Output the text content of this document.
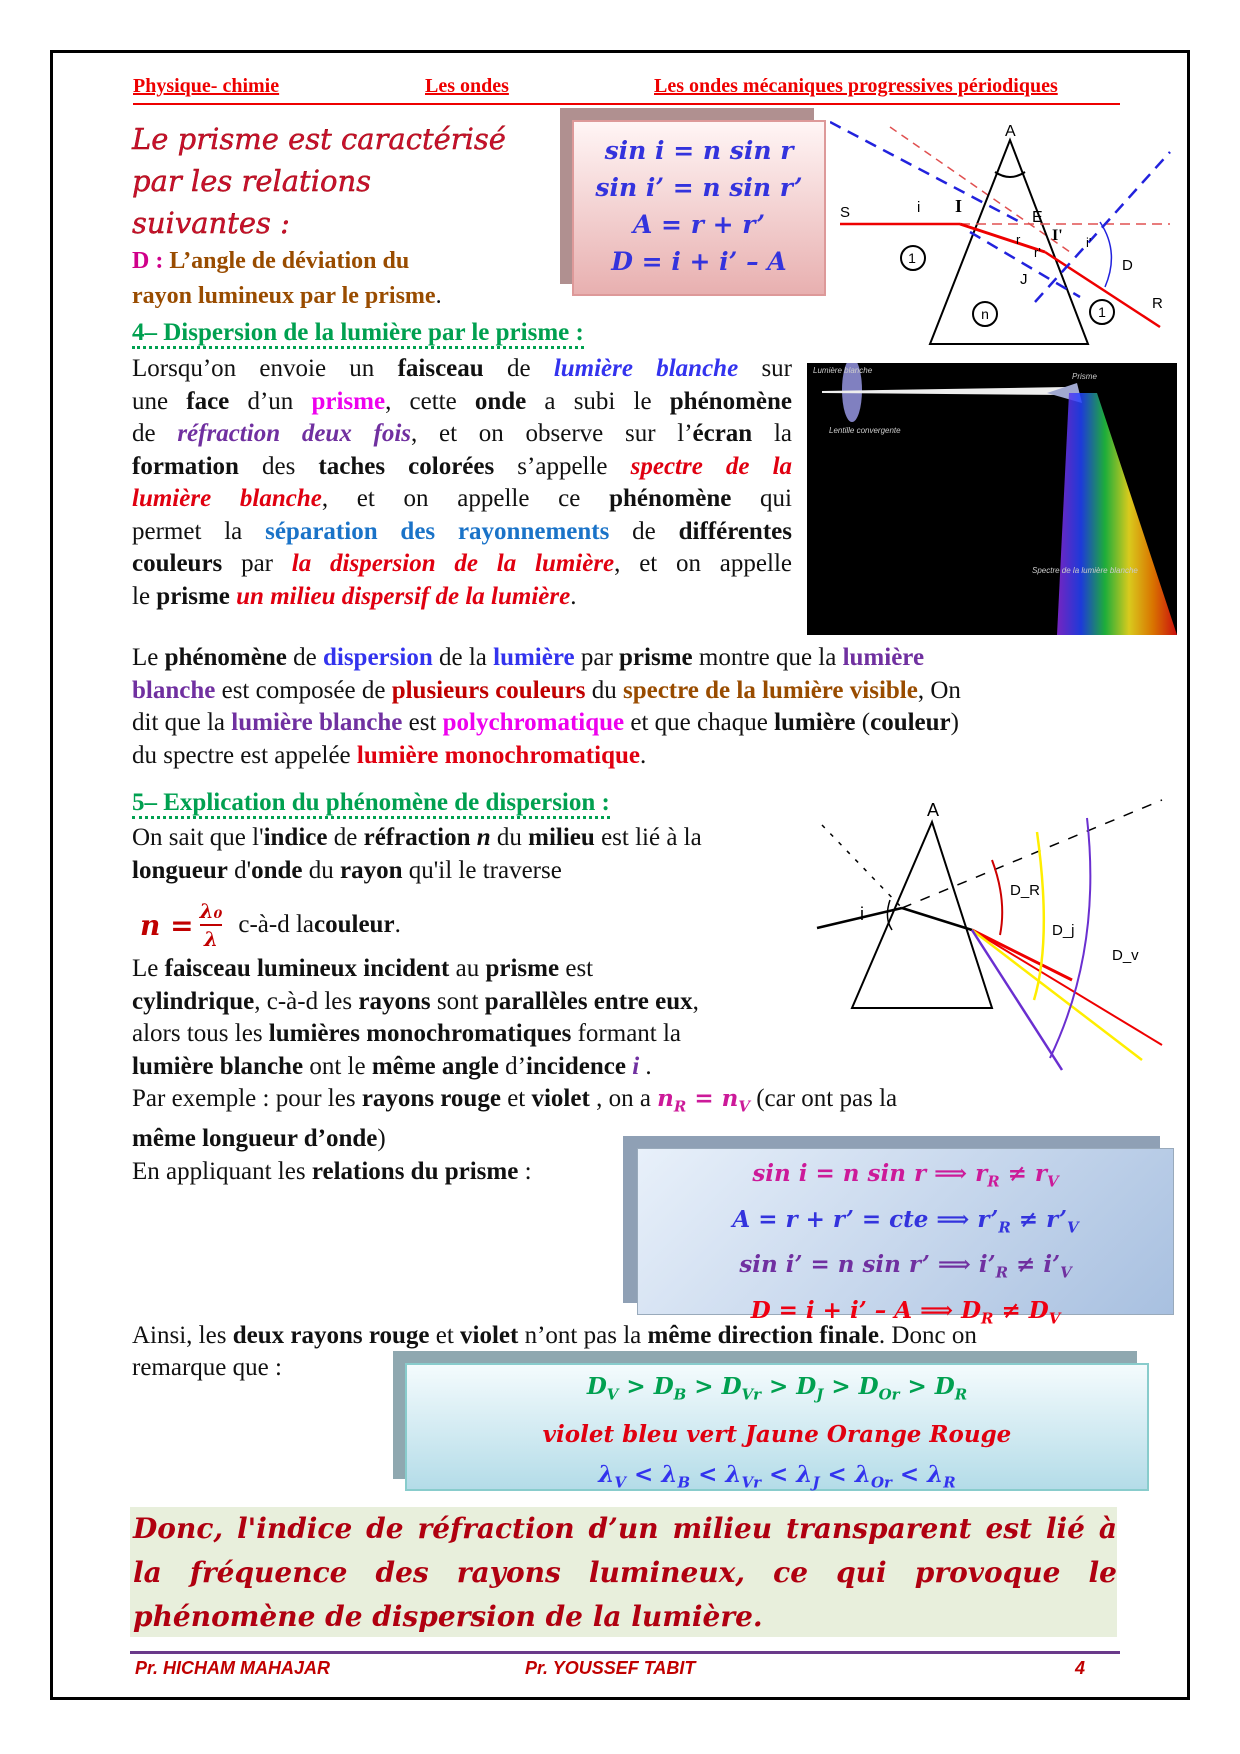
Physique- chimie	Les ondes	Les ondes mécaniques progressives périodiques
Le prisme est caractérisé
par les relations
suivantes :
D : L’angle de déviation du
rayon lumineux par le prisme.
sin i = n sin r
sin i’ = n sin r’
A = r + r’
D = i + i’ – A	1
n	1
A
S	i I
E
I'
r
r'
i'
J
D
R
4– Dispersion de la lumière par le prisme :
Lorsqu’on envoie un faisceau de lumière blanche sur
une face d’un prisme, cette onde a subi le phénomène
de réfraction deux fois, et on observe sur l’écran la
formation des taches colorées s’appelle spectre de la
lumière blanche, et on appelle ce phénomène qui
permet la séparation des rayonnements de différentes
couleurs par la dispersion de la lumière, et on appelle
le prisme un milieu dispersif de la lumière.
Lumière blanche
Lentille convergente
Prisme
Spectre de la lumière blanche
Le phénomène de dispersion de la lumière par prisme montre que la lumière
blanche est composée de plusieurs couleurs du spectre de la lumière visible, On
dit que la lumière blanche est polychromatique et que chaque lumière (couleur)
du spectre est appelée lumière monochromatique.
5– Explication du phénomène de dispersion :
On sait que l'indice de réfraction n du milieu est lié à la
longueur d'onde du rayon qu'il le traverse
$n = \frac{\text{λ₀}}{\lambda}$ c-à-d la couleur .
Le faisceau lumineux incident au prisme est
cylindrique, c-à-d les rayons sont parallèles entre eux,
alors tous les lumières monochromatiques formant la
lumière blanche ont le même angle d’incidence i .
Par exemple : pour les rayons rouge et violet , on a $n_R = n_V$ (car ont pas la
même longueur d’onde)
En appliquant les relations du prisme :
A
i
D_R
D_j
D_v
sin i = n sin r ⟹ $r_R \ne r_V$
A = r + r’ = cte ⟹ $r’_R$ ≠ $r’_V$
sin i’ = n sin r’ ⟹ $i’_R$ ≠ $i’_V$
D = i + i’ – A ⟹ $D_R \ne D_V$
Ainsi, les deux rayons rouge et violet n’ont pas la même direction finale. Donc on
remarque que :
$D_V > D_B > D_{Vr} > D_J > D_{Or} > D_R$
violet bleu vert Jaune Orange Rouge
$\lambda_V < \lambda_B < \lambda_{Vr} < \lambda_J < \lambda_{Or} < \lambda_R$
Donc, l'indice de réfraction d’un milieu transparent est lié à la fréquence des rayons lumineux, ce qui provoque le phénomène de dispersion de la lumière.
Pr. HICHAM MAHAJAR	Pr. YOUSSEF TABIT	4
